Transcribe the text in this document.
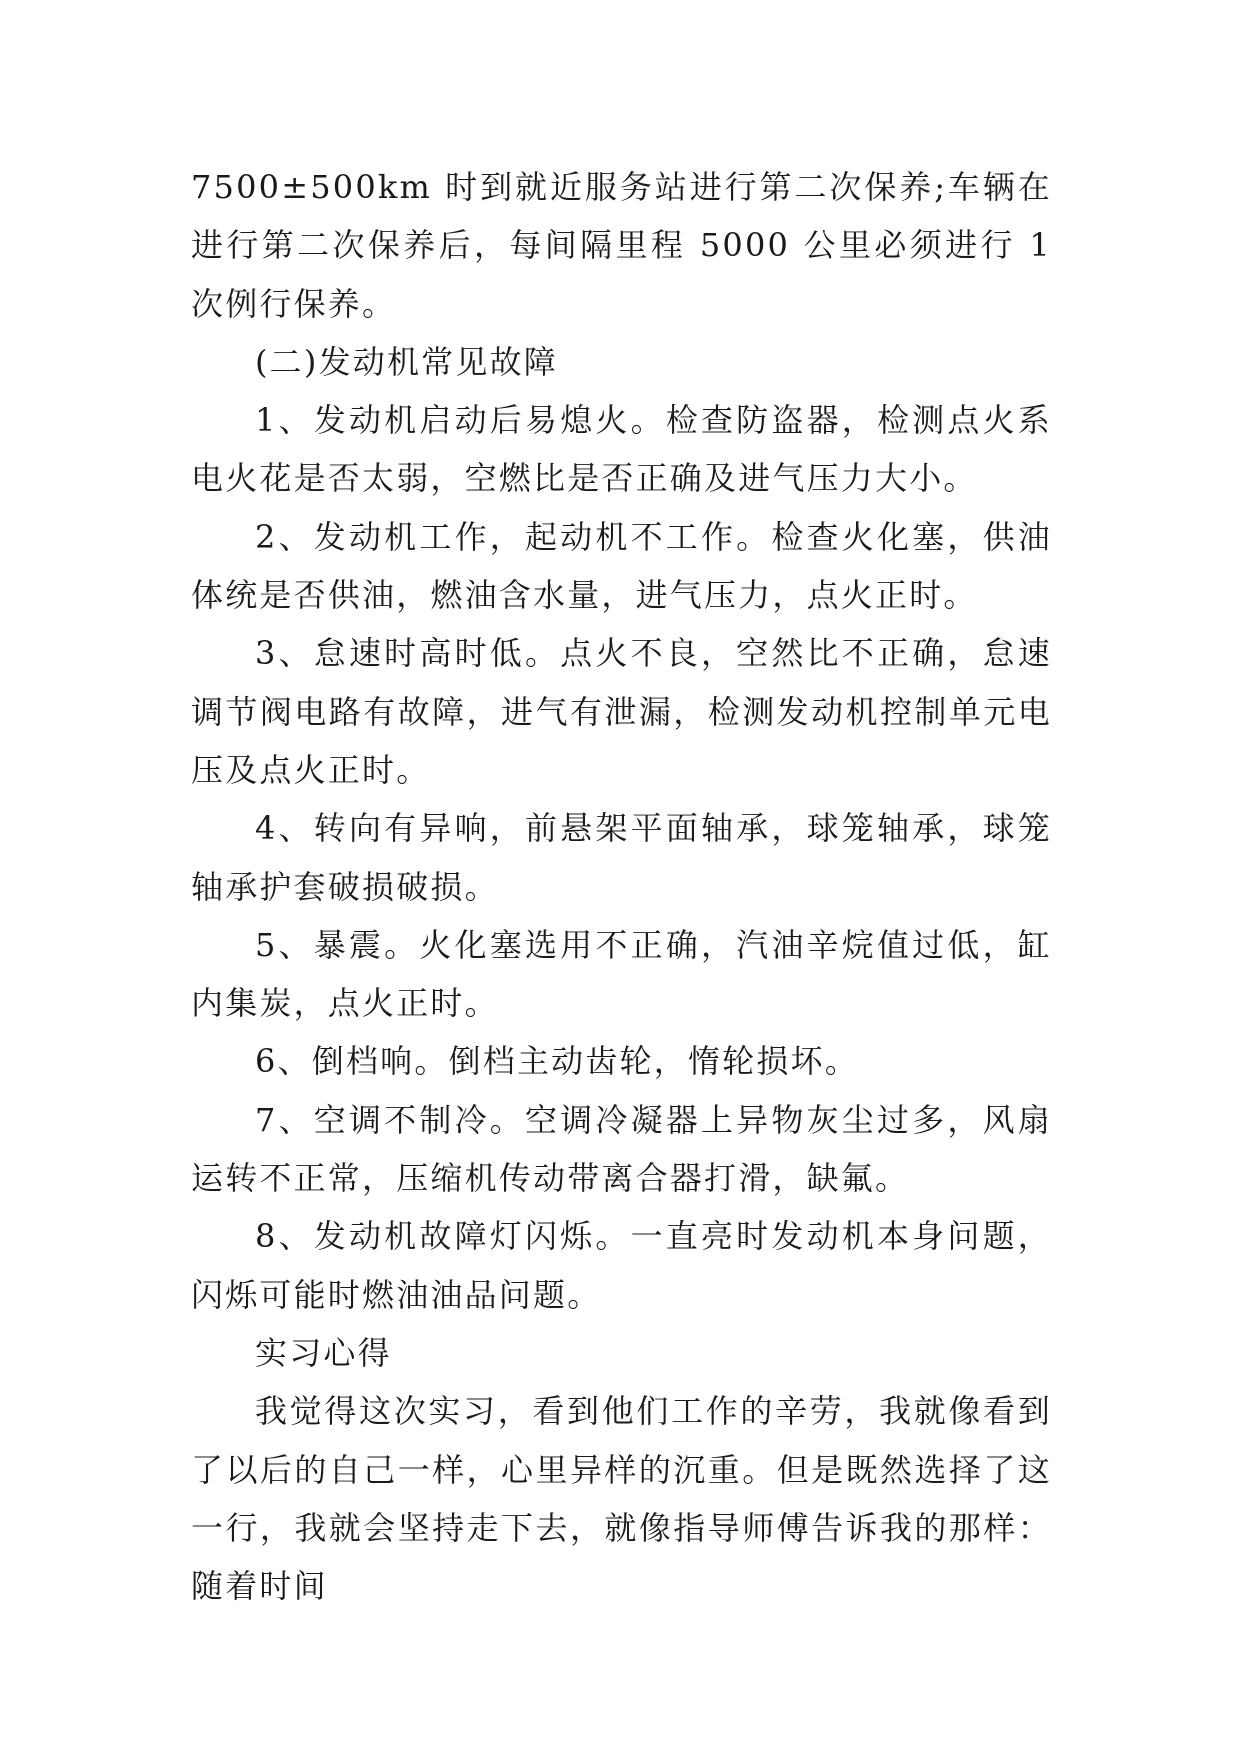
7500±500km 时到就近服务站进行第二次保养;车辆在进行第二次保养后，每间隔里程 5000 公里必须进行 1 次例行保养。

(二)发动机常见故障

1、发动机启动后易熄火。检查防盗器，检测点火系电火花是否太弱，空燃比是否正确及进气压力大小。

2、发动机工作，起动机不工作。检查火化塞，供油体统是否供油，燃油含水量，进气压力，点火正时。

3、怠速时高时低。点火不良，空然比不正确，怠速调节阀电路有故障，进气有泄漏，检测发动机控制单元电压及点火正时。

4、转向有异响，前悬架平面轴承，球笼轴承，球笼轴承护套破损破损。

5、暴震。火化塞选用不正确，汽油辛烷值过低，缸内集炭，点火正时。

6、倒档响。倒档主动齿轮，惰轮损坏。

7、空调不制冷。空调冷凝器上异物灰尘过多，风扇运转不正常，压缩机传动带离合器打滑，缺氟。

8、发动机故障灯闪烁。一直亮时发动机本身问题，闪烁可能时燃油油品问题。

实习心得

我觉得这次实习，看到他们工作的辛劳，我就像看到了以后的自己一样，心里异样的沉重。但是既然选择了这一行，我就会坚持走下去，就像指导师傅告诉我的那样：随着时间
